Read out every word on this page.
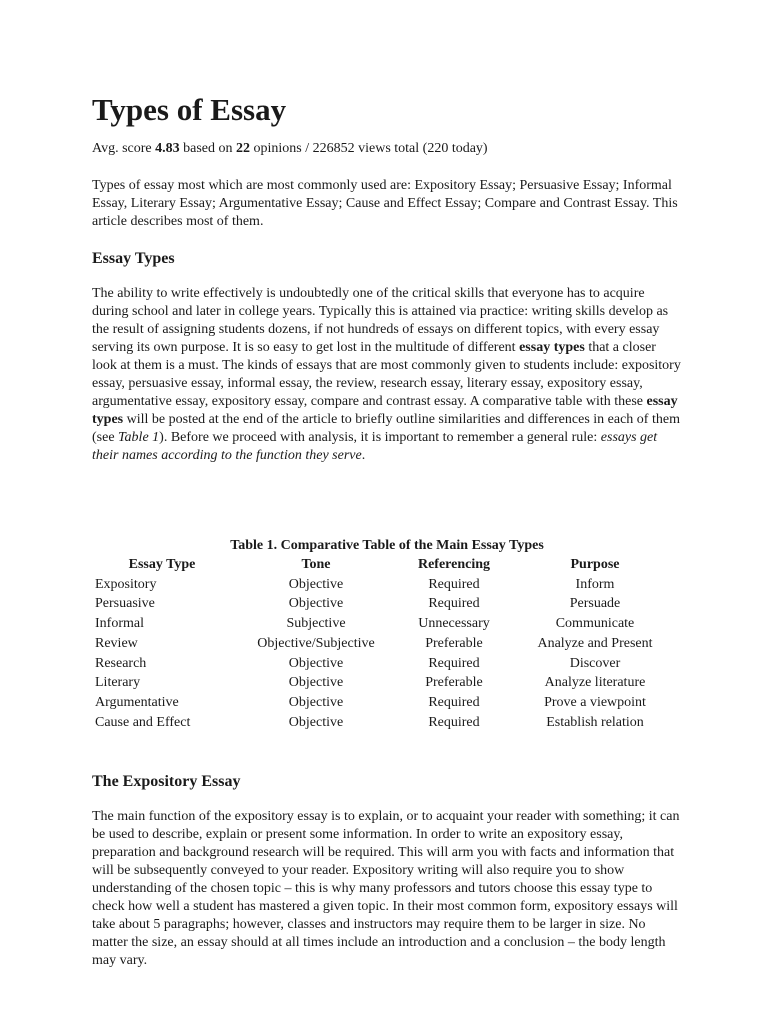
Types of Essay

Avg. score 4.83 based on 22 opinions / 226852 views total (220 today)

Types of essay most which are most commonly used are: Expository Essay; Persuasive Essay; Informal Essay, Literary Essay; Argumentative Essay; Cause and Effect Essay; Compare and Contrast Essay. This article describes most of them.

Essay Types

The ability to write effectively is undoubtedly one of the critical skills that everyone has to acquire during school and later in college years. Typically this is attained via practice: writing skills develop as the result of assigning students dozens, if not hundreds of essays on different topics, with every essay serving its own purpose. It is so easy to get lost in the multitude of different essay types that a closer look at them is a must. The kinds of essays that are most commonly given to students include: expository essay, persuasive essay, informal essay, the review, research essay, literary essay, expository essay, argumentative essay, expository essay, compare and contrast essay. A comparative table with these essay types will be posted at the end of the article to briefly outline similarities and differences in each of them (see Table 1). Before we proceed with analysis, it is important to remember a general rule: essays get their names according to the function they serve.

Table 1. Comparative Table of the Main Essay Types

Essay Type	Tone	Referencing	Purpose
Expository	Objective	Required	Inform
Persuasive	Objective	Required	Persuade
Informal	Subjective	Unnecessary	Communicate
Review	Objective/Subjective	Preferable	Analyze and Present
Research	Objective	Required	Discover
Literary	Objective	Preferable	Analyze literature
Argumentative	Objective	Required	Prove a viewpoint
Cause and Effect	Objective	Required	Establish relation
The Expository Essay

The main function of the expository essay is to explain, or to acquaint your reader with something; it can be used to describe, explain or present some information. In order to write an expository essay, preparation and background research will be required. This will arm you with facts and information that will be subsequently conveyed to your reader. Expository writing will also require you to show understanding of the chosen topic – this is why many professors and tutors choose this essay type to check how well a student has mastered a given topic. In their most common form, expository essays will take about 5 paragraphs; however, classes and instructors may require them to be larger in size. No matter the size, an essay should at all times include an introduction and a conclusion – the body length may vary.
